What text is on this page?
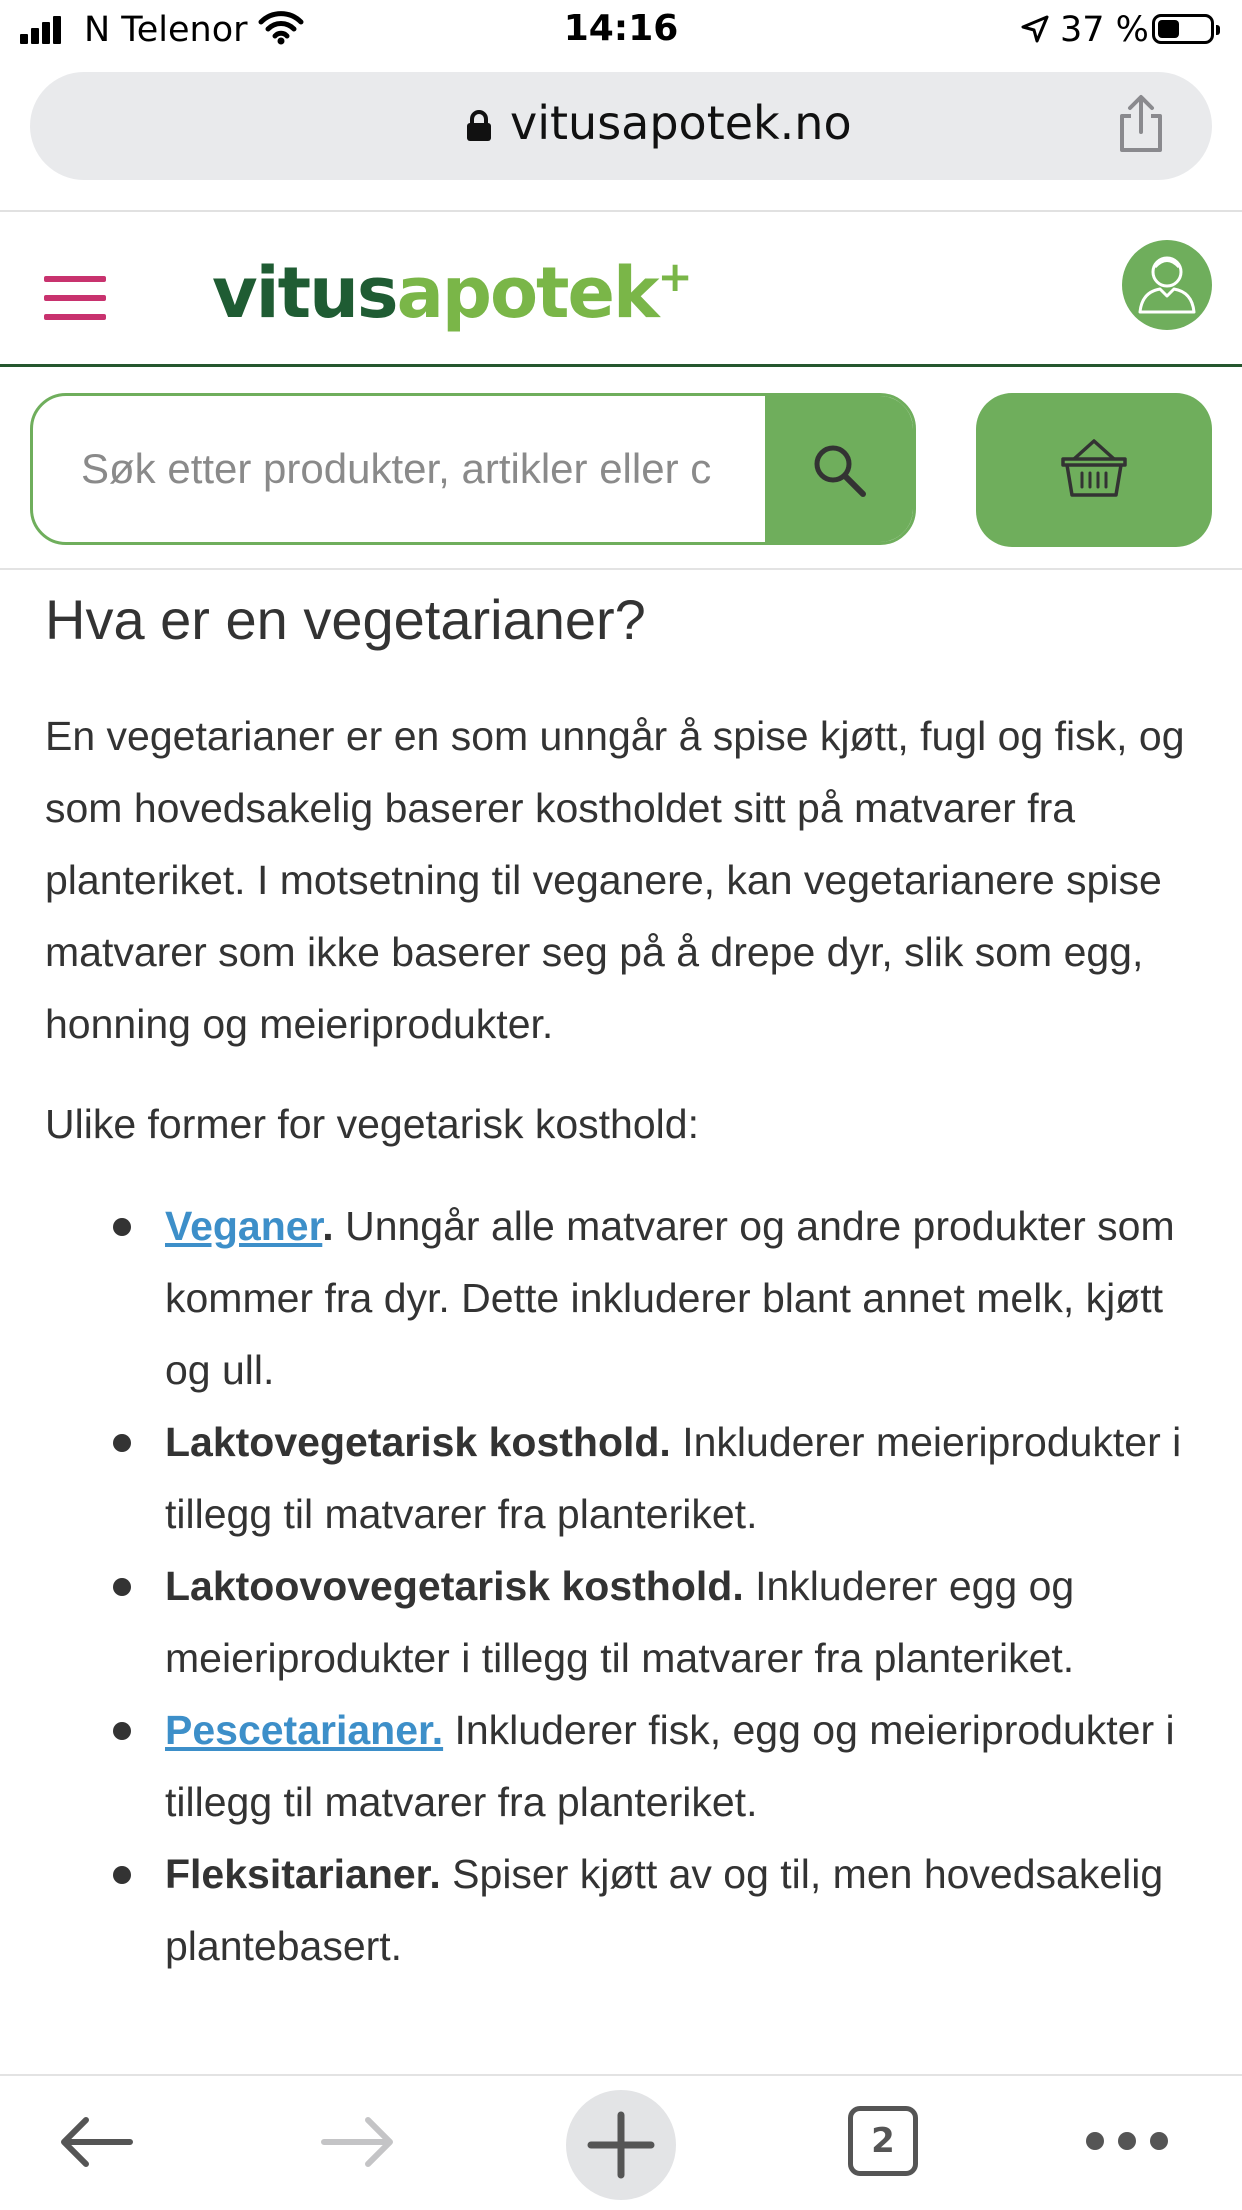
N Telenor	14:16	37 %
vitusapotek.no
vitusapotek+
Søk etter produkter, artikler eller c
Hva er en vegetarianer?

En vegetarianer er en som unngår å spise kjøtt, fugl og fisk, og som hovedsakelig baserer kostholdet sitt på matvarer fra planteriket. I motsetning til veganere, kan vegetarianere spise matvarer som ikke baserer seg på å drepe dyr, slik som egg, honning og meieriprodukter.

Ulike former for vegetarisk kosthold:

Veganer. Unngår alle matvarer og andre produkter som kommer fra dyr. Dette inkluderer blant annet melk, kjøtt og ull.
Laktovegetarisk kosthold. Inkluderer meieriprodukter i tillegg til matvarer fra planteriket.
Laktoovovegetarisk kosthold. Inkluderer egg og meieriprodukter i tillegg til matvarer fra planteriket.
Pescetarianer. Inkluderer fisk, egg og meieriprodukter i tillegg til matvarer fra planteriket.
Fleksitarianer. Spiser kjøtt av og til, men hovedsakelig plantebasert.
2
